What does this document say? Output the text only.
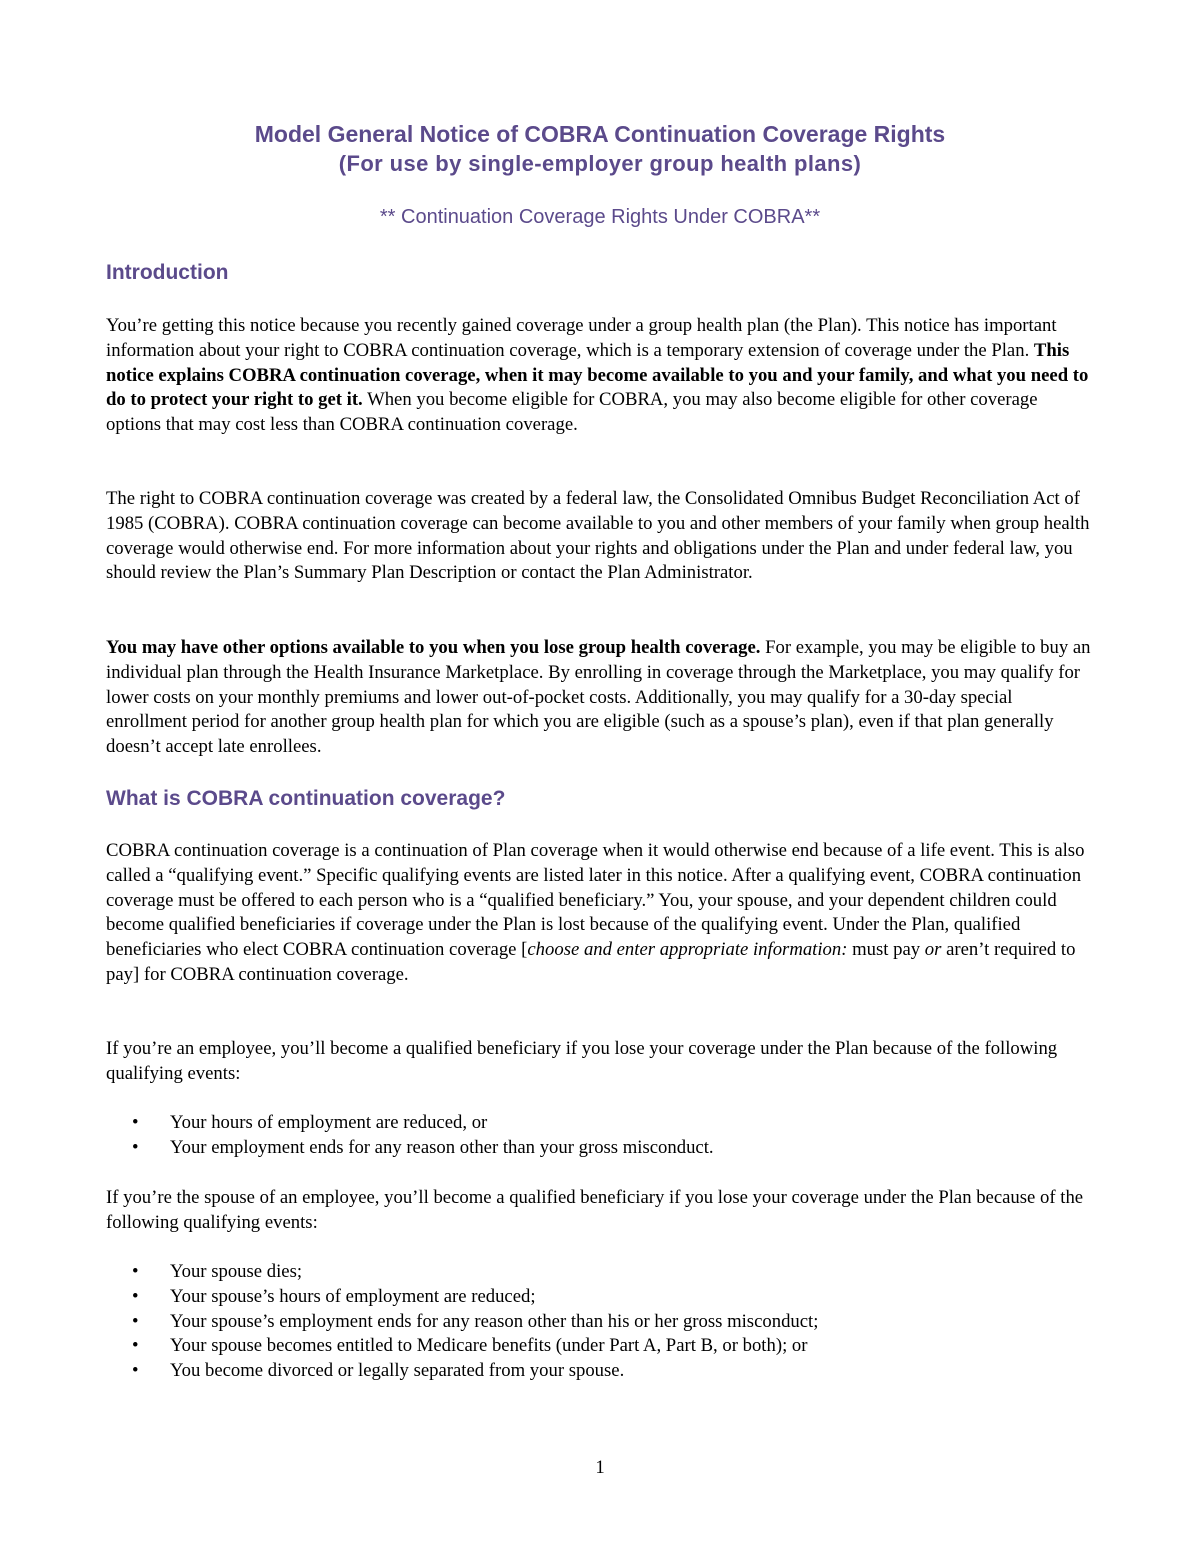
Model General Notice of COBRA Continuation Coverage Rights
(For use by single-employer group health plans)

** Continuation Coverage Rights Under COBRA**

Introduction

You’re getting this notice because you recently gained coverage under a group health plan (the Plan). This notice has important information about your right to COBRA continuation coverage, which is a temporary extension of coverage under the Plan. This notice explains COBRA continuation coverage, when it may become available to you and your family, and what you need to do to protect your right to get it. When you become eligible for COBRA, you may also become eligible for other coverage options that may cost less than COBRA continuation coverage.

The right to COBRA continuation coverage was created by a federal law, the Consolidated Omnibus Budget Reconciliation Act of 1985 (COBRA). COBRA continuation coverage can become available to you and other members of your family when group health coverage would otherwise end. For more information about your rights and obligations under the Plan and under federal law, you should review the Plan’s Summary Plan Description or contact the Plan Administrator.

You may have other options available to you when you lose group health coverage. For example, you may be eligible to buy an individual plan through the Health Insurance Marketplace. By enrolling in coverage through the Marketplace, you may qualify for lower costs on your monthly premiums and lower out-of-pocket costs. Additionally, you may qualify for a 30-day special enrollment period for another group health plan for which you are eligible (such as a spouse’s plan), even if that plan generally doesn’t accept late enrollees.

What is COBRA continuation coverage?

COBRA continuation coverage is a continuation of Plan coverage when it would otherwise end because of a life event. This is also called a “qualifying event.” Specific qualifying events are listed later in this notice. After a qualifying event, COBRA continuation coverage must be offered to each person who is a “qualified beneficiary.” You, your spouse, and your dependent children could become qualified beneficiaries if coverage under the Plan is lost because of the qualifying event. Under the Plan, qualified beneficiaries who elect COBRA continuation coverage [choose and enter appropriate information: must pay or aren’t required to pay] for COBRA continuation coverage.

If you’re an employee, you’ll become a qualified beneficiary if you lose your coverage under the Plan because of the following qualifying events:

• Your hours of employment are reduced, or
• Your employment ends for any reason other than your gross misconduct.

If you’re the spouse of an employee, you’ll become a qualified beneficiary if you lose your coverage under the Plan because of the following qualifying events:

• Your spouse dies;
• Your spouse’s hours of employment are reduced;
• Your spouse’s employment ends for any reason other than his or her gross misconduct;
• Your spouse becomes entitled to Medicare benefits (under Part A, Part B, or both); or
• You become divorced or legally separated from your spouse.

1
